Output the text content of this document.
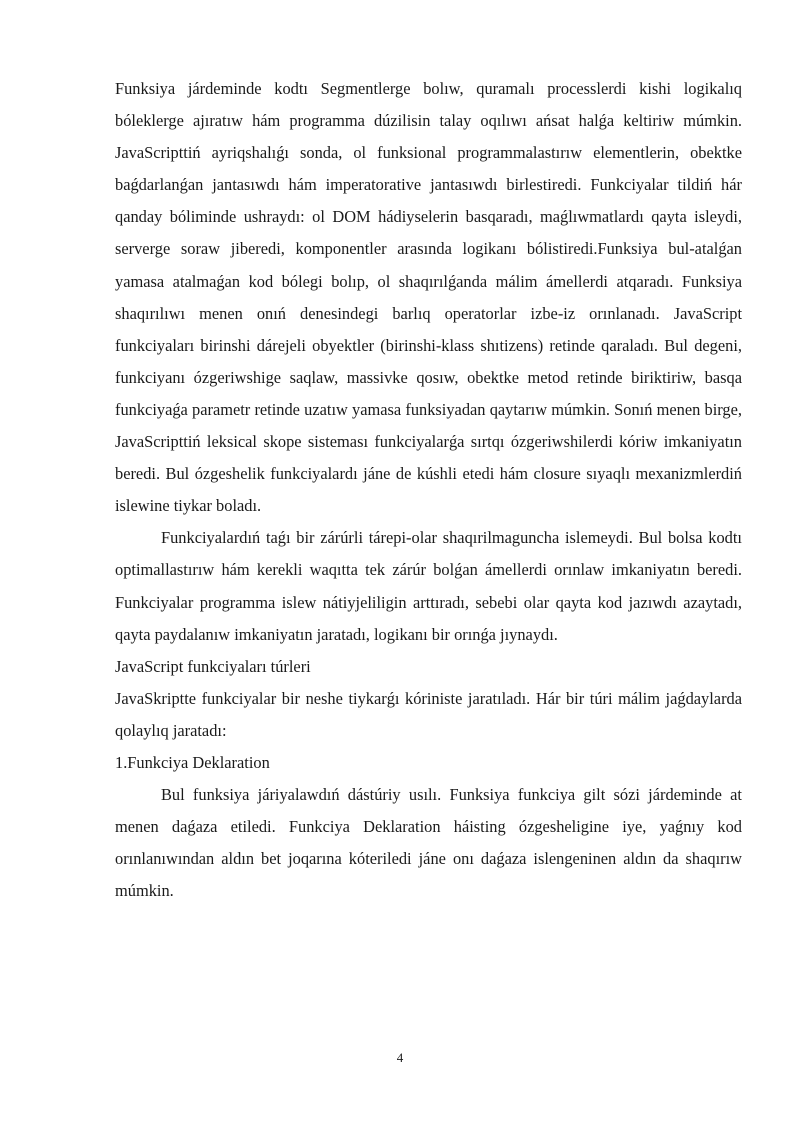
Funksiya járdeminde kodtı Segmentlerge bolıw, quramalı processlerdi kishi logikalıq bóleklerge ajıratıw hám programma dúzilisin talay oqılıwı ańsat halǵa keltiriw múmkin. JavaScripttiń ayriqshalıǵı sonda, ol funksional programmalastırıw elementlerin, obektke baǵdarlanǵan jantasıwdı hám imperatorative jantasıwdı birlestiredi. Funkciyalar tildiń hár qanday bóliminde ushraydı: ol DOM hádiyselerin basqaradı, maǵlıwmatlardı qayta isleydi, serverge soraw jiberedi, komponentler arasında logikanı bólistiredi.Funksiya bul-atalǵan yamasa atalmaǵan kod bólegi bolıp, ol shaqırılǵanda málim ámellerdi atqaradı. Funksiya shaqırılıwı menen onıń denesindegi barlıq operatorlar izbe-iz orınlanadı. JavaScript funkciyaları birinshi dárejeli obyektler (birinshi-klass shıtizens) retinde qaraladı. Bul degeni, funkciyanı ózgeriwshige saqlaw, massivke qosıw, obektke metod retinde biriktiriw, basqa funkciyaǵa parametr retinde uzatıw yamasa funksiyadan qaytarıw múmkin. Sonıń menen birge, JavaScripttiń leksical skope sisteması funkciyalarǵa sırtqı ózgeriwshilerdi kóriw imkaniyatın beredi. Bul ózgeshelik funkciyalardı jáne de kúshli etedi hám closure sıyaqlı mexanizmlerdiń islewine tiykar boladı.

Funkciyalardıń taǵı bir zárúrli tárepi-olar shaqırilmaguncha islemeydi. Bul bolsa kodtı optimallastırıw hám kerekli waqıtta tek zárúr bolǵan ámellerdi orınlaw imkaniyatın beredi. Funkciyalar programma islew nátiyjeliligin arttıradı, sebebi olar qayta kod jazıwdı azaytadı, qayta paydalanıw imkaniyatın jaratadı, logikanı bir orınǵa jıynaydı.

JavaScript funkciyaları túrleri

JavaSkriptte funkciyalar bir neshe tiykarǵı kóriniste jaratıladı. Hár bir túri málim jaǵdaylarda qolaylıq jaratadı:

1.Funkciya Deklaration

Bul funksiya járiyalawdıń dástúriy usılı. Funksiya funkciya gilt sózi járdeminde at menen daǵaza etiledi. Funkciya Deklaration háisting ózgesheligine iye, yaǵnıy kod orınlanıwından aldın bet joqarına kóteriledi jáne onı daǵaza islengeninen aldın da shaqırıw múmkin.

4
